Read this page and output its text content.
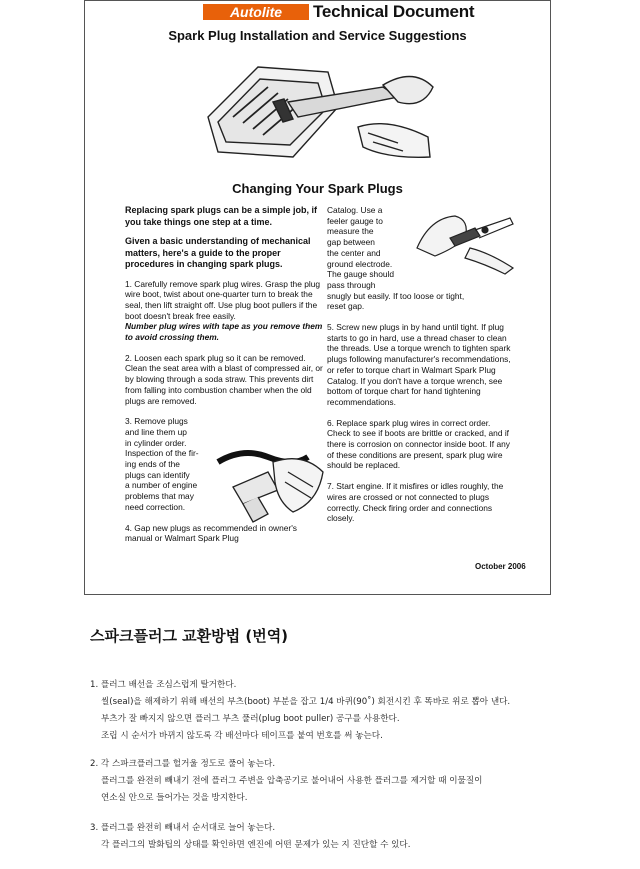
Autolite Technical Document
Spark Plug Installation and Service Suggestions
Changing Your Spark Plugs

Replacing spark plugs can be a simple job, if you take things one step at a time.

Given a basic understanding of mechanical matters, here's a guide to the proper procedures in changing spark plugs.

1. Carefully remove spark plug wires. Grasp the plug wire boot, twist about one-quarter turn to break the seal, then lift straight off. Use plug boot pullers if the boot doesn't break free easily.

Number plug wires with tape as you remove them to avoid crossing them.

2. Loosen each spark plug so it can be removed. Clean the seat area with a blast of compressed air, or by blowing through a soda straw. This prevents dirt from falling into combustion chamber when the old plugs are removed.

3. Remove plugs
and line them up
in cylinder order.
Inspection of the fir-
ing ends of the
plugs can identify
a number of engine
problems that may
need correction.

4. Gap new plugs as recommended in owner's manual or Walmart Spark Plug

Catalog. Use a
feeler gauge to
measure the
gap between
the center and
ground electrode.
The gauge should
pass through
snugly but easily. If too loose or tight,
reset gap.

5. Screw new plugs in by hand until tight. If plug starts to go in hard, use a thread chaser to clean the threads. Use a torque wrench to tighten spark plugs following manufacturer's recommendations, or refer to torque chart in Walmart Spark Plug Catalog. If you don't have a torque wrench, see bottom of torque chart for hand tightening recommendations.

6. Replace spark plug wires in correct order. Check to see if boots are brittle or cracked, and if there is corrosion on connector inside boot. If any of these conditions are present, spark plug wire should be replaced.

7. Start engine. If it misfires or idles roughly, the wires are crossed or not connected to plugs correctly. Check firing order and connections closely.

October 2006
스파크플러그 교환방법 (번역)

1. 플러그 배선을 조심스럽게 탈거한다.

씰(seal)을 해제하기 위해 배선의 부츠(boot) 부분을 잡고 1/4 바퀴(90˚) 회전시킨 후 똑바로 위로 뽑아 낸다.

부츠가 잘 빠지지 않으면 플러그 부츠 풀러(plug boot puller) 공구를 사용한다.

조립 시 순서가 바뀌지 않도록 각 배선마다 테이프를 붙여 번호를 써 놓는다.

2. 각 스파크플러그를 헐거울 정도로 풀어 놓는다.

플러그를 완전히 빼내기 전에 플러그 주변을 압축공기로 불어내어 사용한 플러그를 제거할 때 이물질이

연소실 안으로 들어가는 것을 방지한다.

3. 플러그를 완전히 빼내서 순서대로 늘어 놓는다.

각 플러그의 발화팁의 상태를 확인하면 엔진에 어떤 문제가 있는 지 진단할 수 있다.
